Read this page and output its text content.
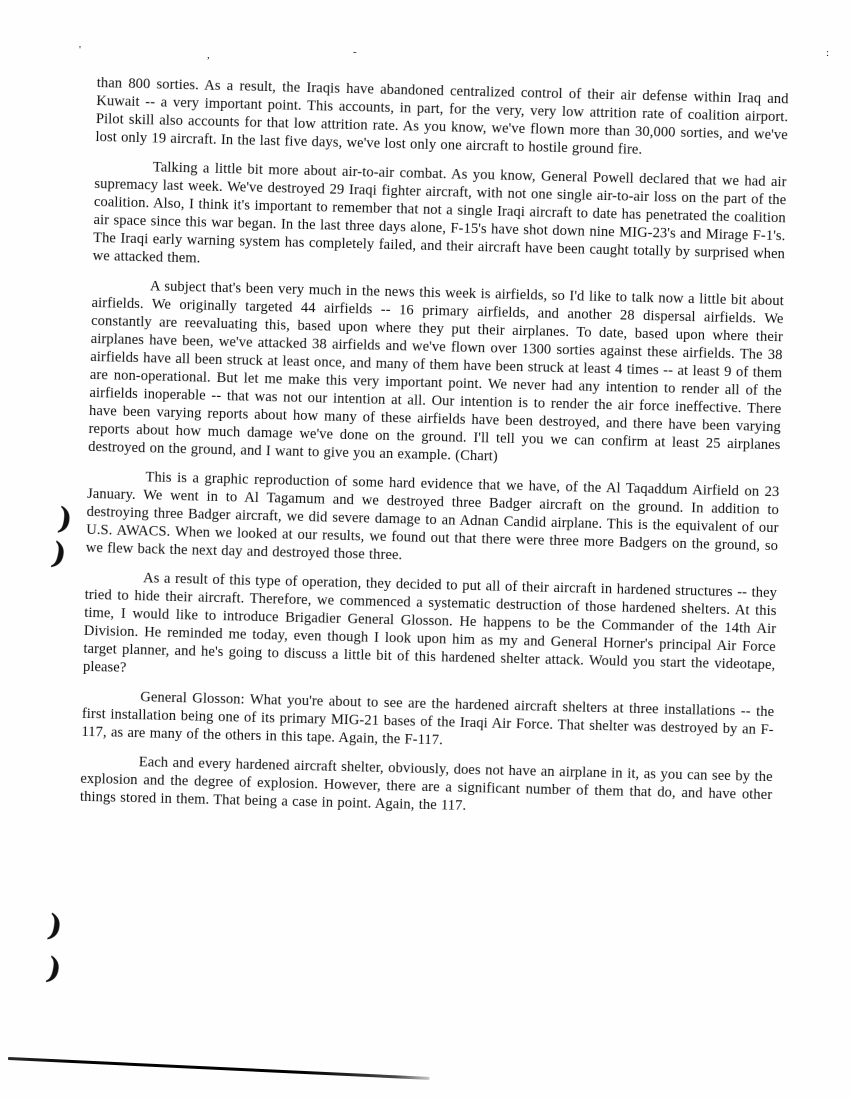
than 800 sorties. As a result, the Iraqis have abandoned centralized control of their air defense within Iraq and Kuwait -- a very important point. This accounts, in part, for the very, very low attrition rate of coalition airport. Pilot skill also accounts for that low attrition rate. As you know, we've flown more than 30,000 sorties, and we've lost only 19 aircraft. In the last five days, we've lost only one aircraft to hostile ground fire.

Talking a little bit more about air-to-air combat. As you know, General Powell declared that we had air supremacy last week. We've destroyed 29 Iraqi fighter aircraft, with not one single air-to-air loss on the part of the coalition. Also, I think it's important to remember that not a single Iraqi aircraft to date has penetrated the coalition air space since this war began. In the last three days alone, F-15's have shot down nine MIG-23's and Mirage F-1's. The Iraqi early warning system has completely failed, and their aircraft have been caught totally by surprised when we attacked them.

A subject that's been very much in the news this week is airfields, so I'd like to talk now a little bit about airfields. We originally targeted 44 airfields -- 16 primary airfields, and another 28 dispersal airfields. We constantly are reevaluating this, based upon where they put their airplanes. To date, based upon where their airplanes have been, we've attacked 38 airfields and we've flown over 1300 sorties against these airfields. The 38 airfields have all been struck at least once, and many of them have been struck at least 4 times -- at least 9 of them are non-operational. But let me make this very important point. We never had any intention to render all of the airfields inoperable -- that was not our intention at all. Our intention is to render the air force ineffective. There have been varying reports about how many of these airfields have been destroyed, and there have been varying reports about how much damage we've done on the ground. I'll tell you we can confirm at least 25 airplanes destroyed on the ground, and I want to give you an example. (Chart)

This is a graphic reproduction of some hard evidence that we have, of the Al Taqaddum Airfield on 23 January. We went in to Al Tagamum and we destroyed three Badger aircraft on the ground. In addition to destroying three Badger aircraft, we did severe damage to an Adnan Candid airplane. This is the equivalent of our U.S. AWACS. When we looked at our results, we found out that there were three more Badgers on the ground, so we flew back the next day and destroyed those three.

As a result of this type of operation, they decided to put all of their aircraft in hardened structures -- they tried to hide their aircraft. Therefore, we commenced a systematic destruction of those hardened shelters. At this time, I would like to introduce Brigadier General Glosson. He happens to be the Commander of the 14th Air Division. He reminded me today, even though I look upon him as my and General Horner's principal Air Force target planner, and he's going to discuss a little bit of this hardened shelter attack. Would you start the videotape, please?

General Glosson: What you're about to see are the hardened aircraft shelters at three installations -- the first installation being one of its primary MIG-21 bases of the Iraqi Air Force. That shelter was destroyed by an F-117, as are many of the others in this tape. Again, the F-117.

Each and every hardened aircraft shelter, obviously, does not have an airplane in it, as you can see by the explosion and the degree of explosion. However, there are a significant number of them that do, and have other things stored in them. That being a case in point. Again, the 117.

)
)
)
)
'	,	-	:
